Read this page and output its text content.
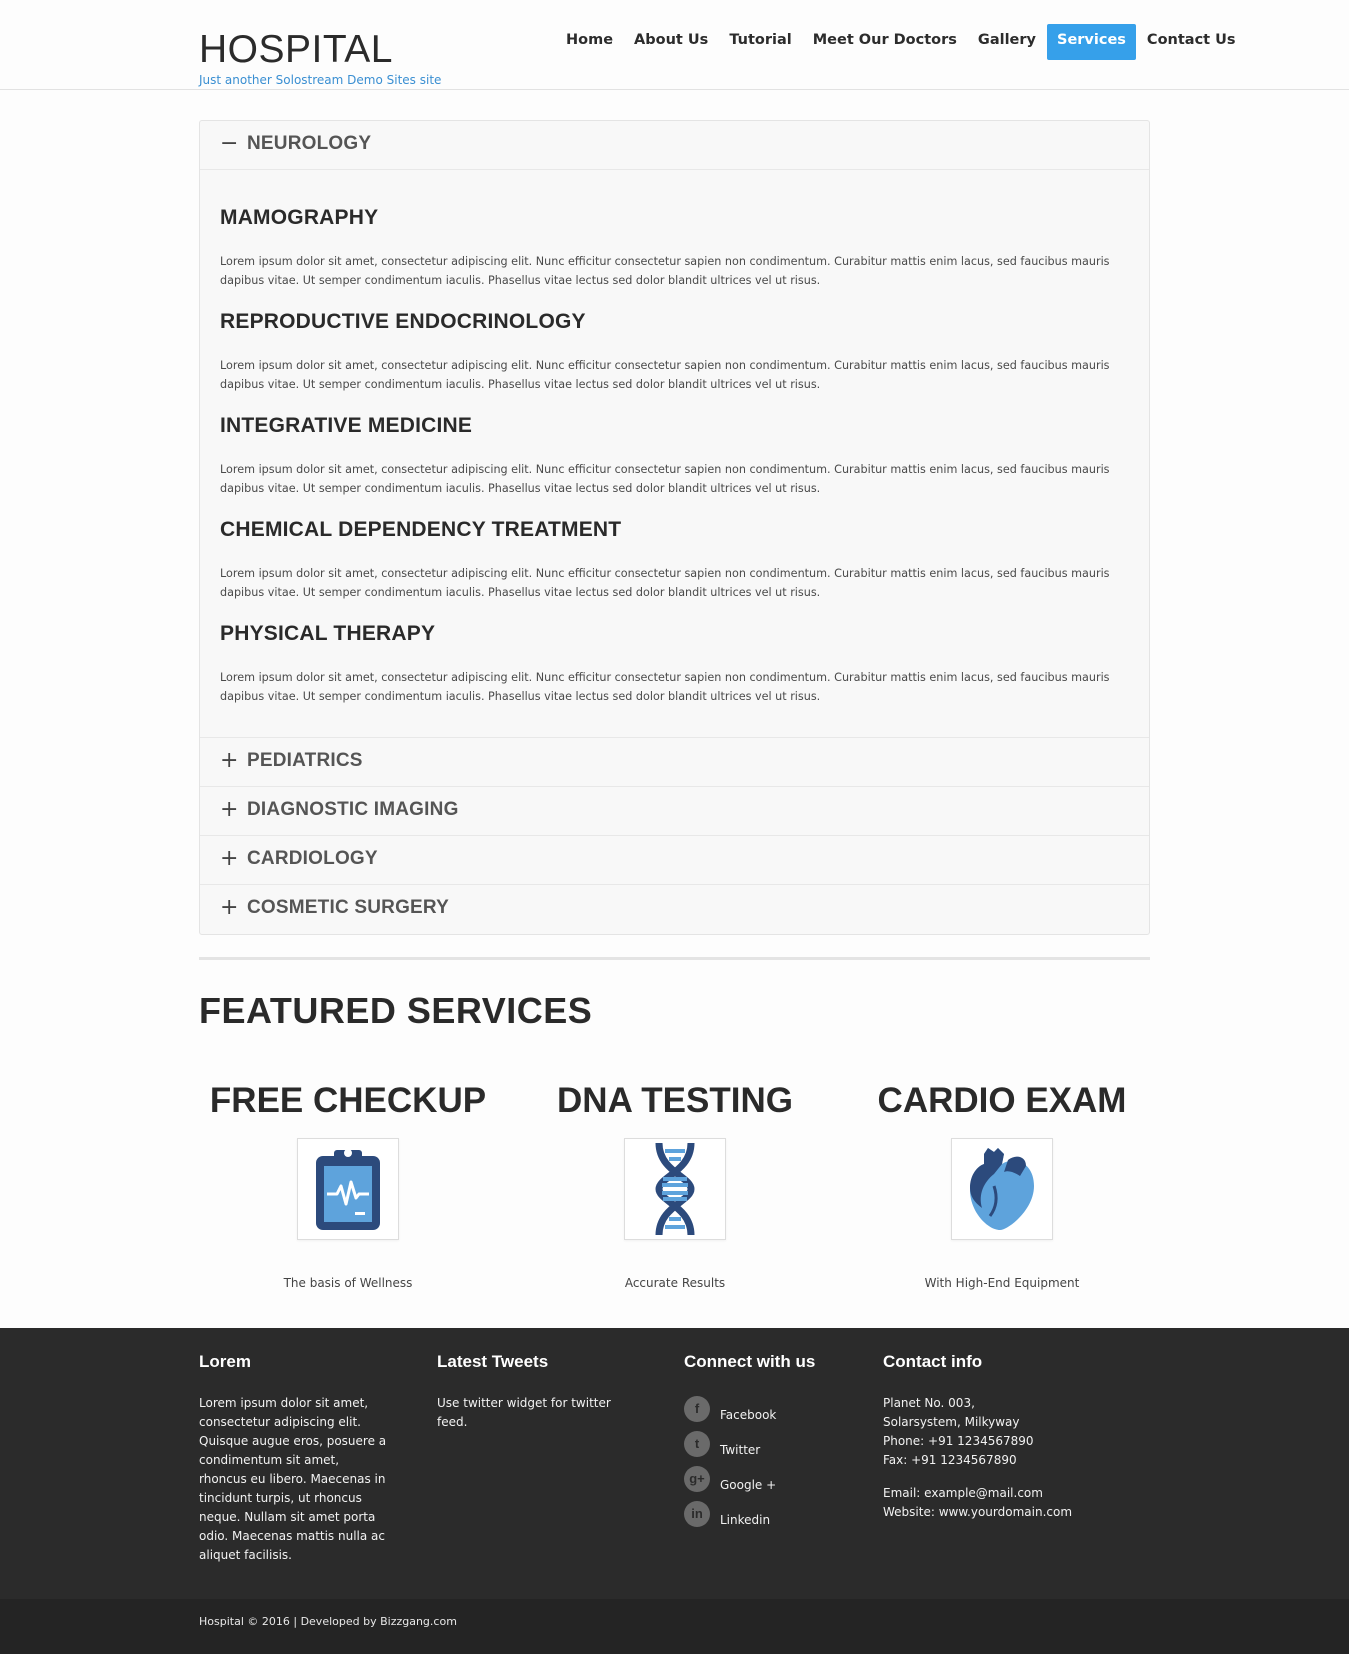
HOSPITAL
Just another Solostream Demo Sites site
Home	About Us	Tutorial	Meet Our Doctors	Gallery	Services	Contact Us
− NEUROLOGY
MAMOGRAPHY

Lorem ipsum dolor sit amet, consectetur adipiscing elit. Nunc efficitur consectetur sapien non condimentum. Curabitur mattis enim lacus, sed faucibus mauris dapibus vitae. Ut semper condimentum iaculis. Phasellus vitae lectus sed dolor blandit ultrices vel ut risus.

REPRODUCTIVE ENDOCRINOLOGY

Lorem ipsum dolor sit amet, consectetur adipiscing elit. Nunc efficitur consectetur sapien non condimentum. Curabitur mattis enim lacus, sed faucibus mauris dapibus vitae. Ut semper condimentum iaculis. Phasellus vitae lectus sed dolor blandit ultrices vel ut risus.

INTEGRATIVE MEDICINE

Lorem ipsum dolor sit amet, consectetur adipiscing elit. Nunc efficitur consectetur sapien non condimentum. Curabitur mattis enim lacus, sed faucibus mauris dapibus vitae. Ut semper condimentum iaculis. Phasellus vitae lectus sed dolor blandit ultrices vel ut risus.

CHEMICAL DEPENDENCY TREATMENT

Lorem ipsum dolor sit amet, consectetur adipiscing elit. Nunc efficitur consectetur sapien non condimentum. Curabitur mattis enim lacus, sed faucibus mauris dapibus vitae. Ut semper condimentum iaculis. Phasellus vitae lectus sed dolor blandit ultrices vel ut risus.

PHYSICAL THERAPY

Lorem ipsum dolor sit amet, consectetur adipiscing elit. Nunc efficitur consectetur sapien non condimentum. Curabitur mattis enim lacus, sed faucibus mauris dapibus vitae. Ut semper condimentum iaculis. Phasellus vitae lectus sed dolor blandit ultrices vel ut risus.

+ PEDIATRICS
+ DIAGNOSTIC IMAGING
+ CARDIOLOGY
+ COSMETIC SURGERY
FEATURED SERVICES
FREE CHECKUP
The basis of Wellness
DNA TESTING
Accurate Results
CARDIO EXAM
With High-End Equipment
Lorem

Lorem ipsum dolor sit amet, consectetur adipiscing elit. Quisque augue eros, posuere a condimentum sit amet, rhoncus eu libero. Maecenas in tincidunt turpis, ut rhoncus neque. Nullam sit amet porta odio. Maecenas mattis nulla ac aliquet facilisis.

Latest Tweets

Use twitter widget for twitter feed.

Connect with us
f	Facebook
t	Twitter
g+	Google +
in	Linkedin
Contact info

Planet No. 003,

Solarsystem, Milkyway

Phone: +91 1234567890

Fax: +91 1234567890

Email: example@mail.com

Website: www.yourdomain.com

Hospital © 2016 | Developed by Bizzgang.com
